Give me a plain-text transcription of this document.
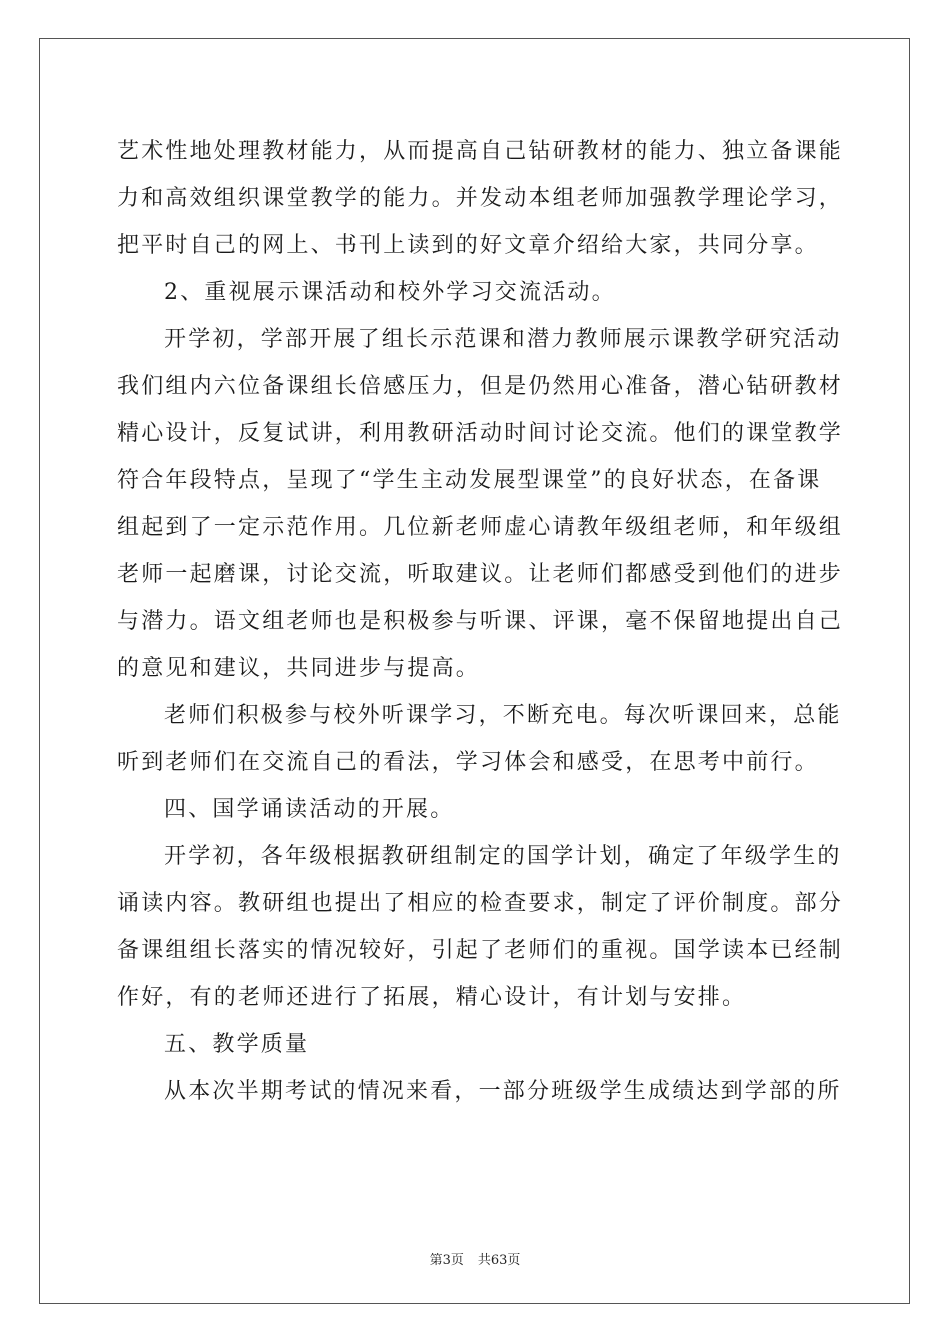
艺术性地处理教材能力，从而提高自己钻研教材的能力、独立备课能
力和高效组织课堂教学的能力。并发动本组老师加强教学理论学习，
把平时自己的网上、书刊上读到的好文章介绍给大家，共同分享。
2、重视展示课活动和校外学习交流活动。
开学初，学部开展了组长示范课和潜力教师展示课教学研究活动
我们组内六位备课组长倍感压力，但是仍然用心准备，潜心钻研教材
精心设计，反复试讲，利用教研活动时间讨论交流。他们的课堂教学
符合年段特点，呈现了“学生主动发展型课堂”的良好状态，在备课
组起到了一定示范作用。几位新老师虚心请教年级组老师，和年级组
老师一起磨课，讨论交流，听取建议。让老师们都感受到他们的进步
与潜力。语文组老师也是积极参与听课、评课，毫不保留地提出自己
的意见和建议，共同进步与提高。
老师们积极参与校外听课学习，不断充电。每次听课回来，总能
听到老师们在交流自己的看法，学习体会和感受，在思考中前行。
四、国学诵读活动的开展。
开学初，各年级根据教研组制定的国学计划，确定了年级学生的
诵读内容。教研组也提出了相应的检查要求，制定了评价制度。部分
备课组组长落实的情况较好，引起了老师们的重视。国学读本已经制
作好，有的老师还进行了拓展，精心设计，有计划与安排。
五、教学质量
从本次半期考试的情况来看，一部分班级学生成绩达到学部的所
第3页 共63页
